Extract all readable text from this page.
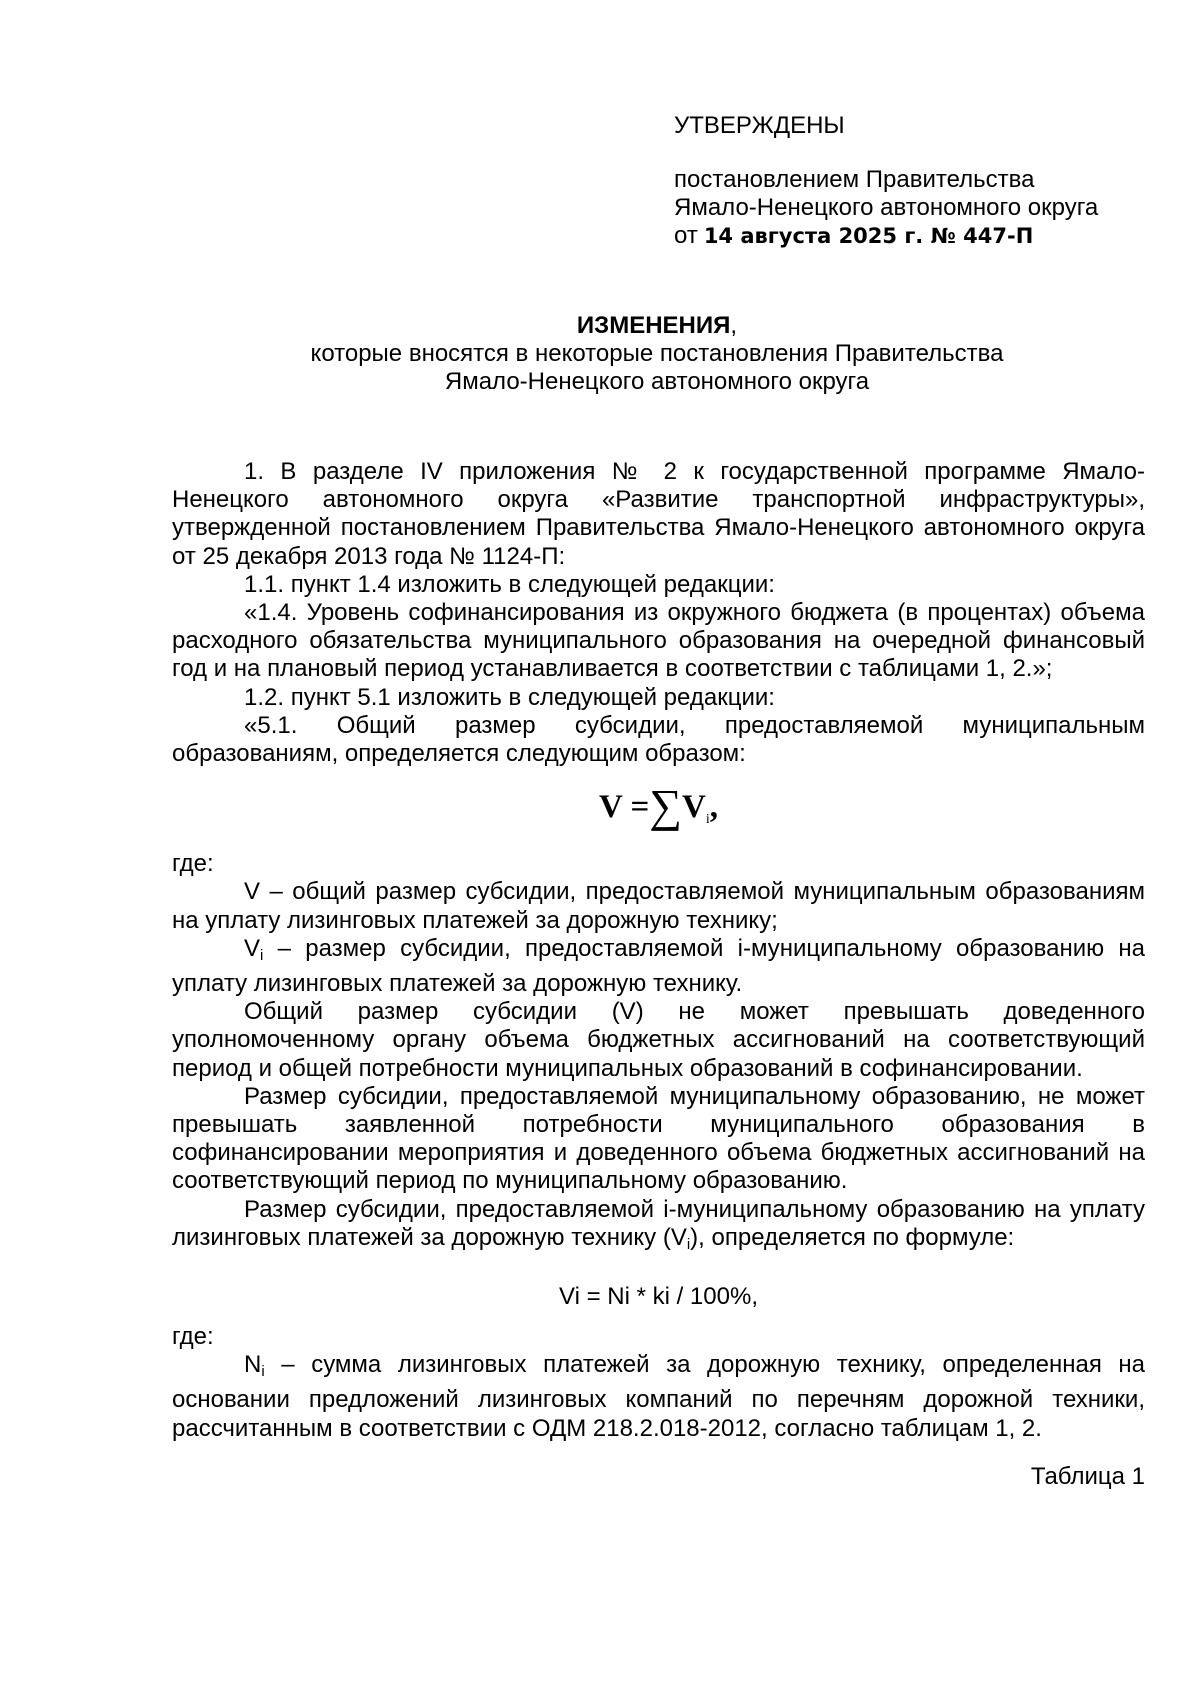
УТВЕРЖДЕНЫ

постановлением Правительства

Ямало-Ненецкого автономного округа

от 14 августа 2025 г. № 447-П

ИЗМЕНЕНИЯ,

которые вносятся в некоторые постановления Правительства

Ямало-Ненецкого автономного округа

1. В разделе IV приложения № 2 к государственной программе Ямало-Ненецкого автономного округа «Развитие транспортной инфраструктуры», утвержденной постановлением Правительства Ямало-Ненецкого автономного округа от 25 декабря 2013 года № 1124-П:

1.1. пункт 1.4 изложить в следующей редакции:

«1.4. Уровень софинансирования из окружного бюджета (в процентах) объема расходного обязательства муниципального образования на очередной финансовый год и на плановый период устанавливается в соответствии с таблицами 1, 2.»;

1.2. пункт 5.1 изложить в следующей редакции:

«5.1. Общий размер субсидии, предоставляемой муниципальным образованиям, определяется следующим образом:

$V =\sum V_i$,

где:

V – общий размер субсидии, предоставляемой муниципальным образованиям на уплату лизинговых платежей за дорожную технику;

$V_i$ – размер субсидии, предоставляемой i-муниципальному образованию на уплату лизинговых платежей за дорожную технику.

Общий размер субсидии (V) не может превышать доведенного уполномоченному органу объема бюджетных ассигнований на соответствующий период и общей потребности муниципальных образований в софинансировании.

Размер субсидии, предоставляемой муниципальному образованию, не может превышать заявленной потребности муниципального образования в софинансировании мероприятия и доведенного объема бюджетных ассигнований на соответствующий период по муниципальному образованию.

Размер субсидии, предоставляемой i-муниципальному образованию на уплату лизинговых платежей за дорожную технику $(V_i)$, определяется по формуле:

Vi = Ni * ki / 100%,

где:

$N_i$ – сумма лизинговых платежей за дорожную технику, определенная на основании предложений лизинговых компаний по перечням дорожной техники, рассчитанным в соответствии с ОДМ 218.2.018-2012, согласно таблицам 1, 2.

Таблица 1
